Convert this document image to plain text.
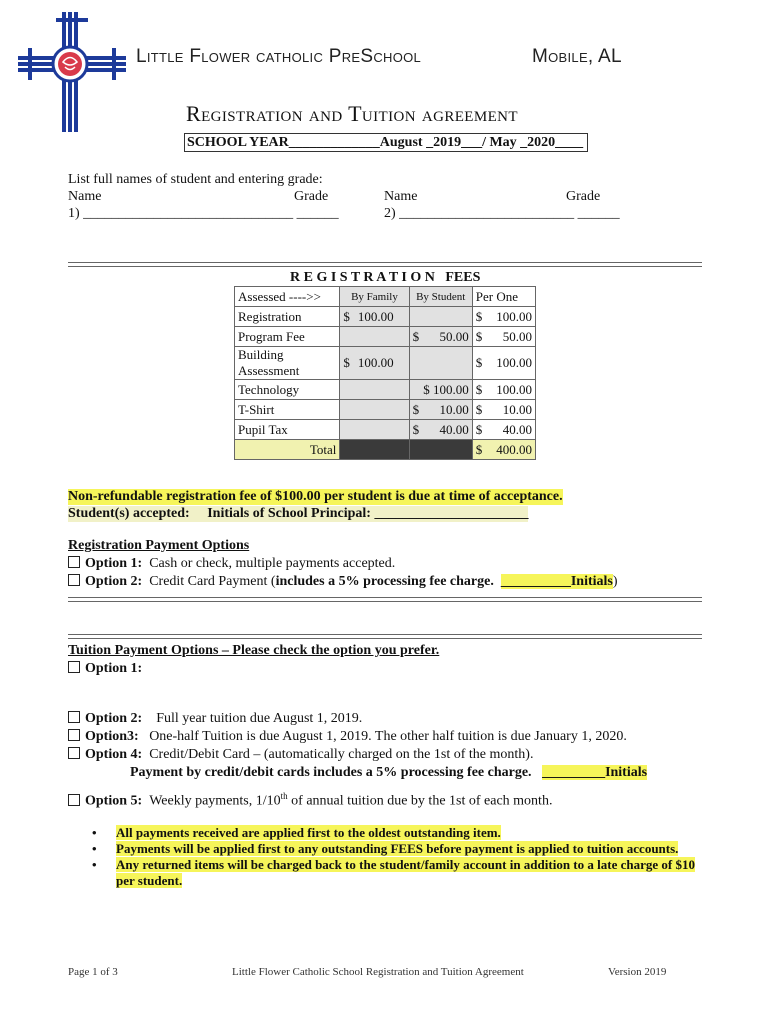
Little Flower catholic PreSchool	Mobile, AL
Registration and Tuition agreement
SCHOOL YEAR_____________August _2019___/ May _2020____
List full names of student and entering grade:
Name	Grade	Name	Grade
1) ______________________________ ______	2) _________________________ ______
R E G I S T R A T I O N   FEES
Assessed ---->>	By Family	By Student	Per One
Registration	$ 100.00		$ 100.00

Program Fee		$ 50.00	$ 50.00

Building Assessment	$ 100.00		$ 100.00

Technology		$ 100.00	$ 100.00

T-Shirt		$ 10.00	$ 10.00

Pupil Tax		$ 40.00	$ 40.00

Total			$ 400.00
Non-refundable registration fee of $100.00 per student is due at time of acceptance.
Student(s) accepted:     Initials of School Principal: ______________________
Registration Payment Options
Option 1: Cash or check, multiple payments accepted.
Option 2: Credit Card Payment (includes a 5% processing fee charge. __________Initials)
Tuition Payment Options – Please check the option you prefer.
Option 1:
Option 2: Full year tuition due August 1, 2019.
Option3: One-half Tuition is due August 1, 2019. The other half tuition is due January 1, 2020.
Option 4: Credit/Debit Card – (automatically charged on the 1st of the month).
Payment by credit/debit cards includes a 5% processing fee charge. _________Initials
Option 5: Weekly payments, 1/10th of annual tuition due by the 1st of each month.
• All payments received are applied first to the oldest outstanding item.
• Payments will be applied first to any outstanding FEES before payment is applied to tuition accounts.
• Any returned items will be charged back to the student/family account in addition to a late charge of $10 per student.
Page 1 of 3	Little Flower Catholic School Registration and Tuition Agreement	Version 2019
